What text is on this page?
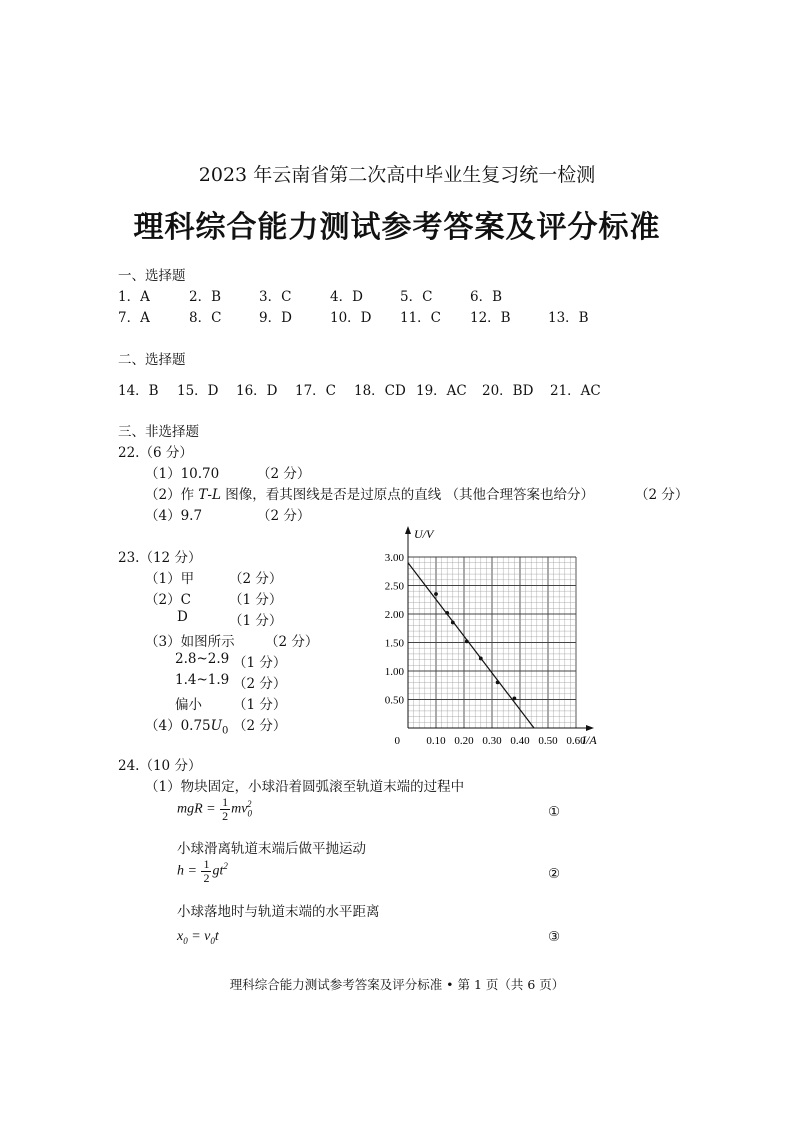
2023 年云南省第二次高中毕业生复习统一检测
理科综合能力测试参考答案及评分标准
一、选择题
1．A	2．B	3．C	4．D	5．C	6．B
7．A	8．C	9．D	10．D 11．C 12．B	13．B
二、选择题
14．B 15．D 16．D 17．C 18．CD 19．AC 20．BD 21．AC
三、非选择题
22.（6 分）
（1）10.70	（2 分）
（2）作 T-L 图像，看其图线是否是过原点的直线 （其他合理答案也给分）	（2 分）
（4）9.7	（2 分）
23.（12 分）
（1）甲	（2 分）
（2）C	（1 分）
D	（1 分）
（3）如图所示 （2 分）
2.8~2.9 （1 分）
1.4~1.9 （2 分）
偏小 （1 分）
$(4)0.75U_0$ （2 分）
0.10 0.20 0.30 0.40 0.50 0.60
0.50
1.00
1.50
2.00
2.50
3.00
0
U/V
I/A
24.（10 分）
（1）物块固定，小球沿着圆弧滚至轨道末端的过程中
mgR = $\frac{1}{2} mv_0^2$	①
小球滑离轨道末端后做平抛运动
$h = \frac{1}{2} gt^2$	②
小球落地时与轨道末端的水平距离
$x_0 = v_0t$	③
理科综合能力测试参考答案及评分标准 • 第 1 页（共 6 页）
